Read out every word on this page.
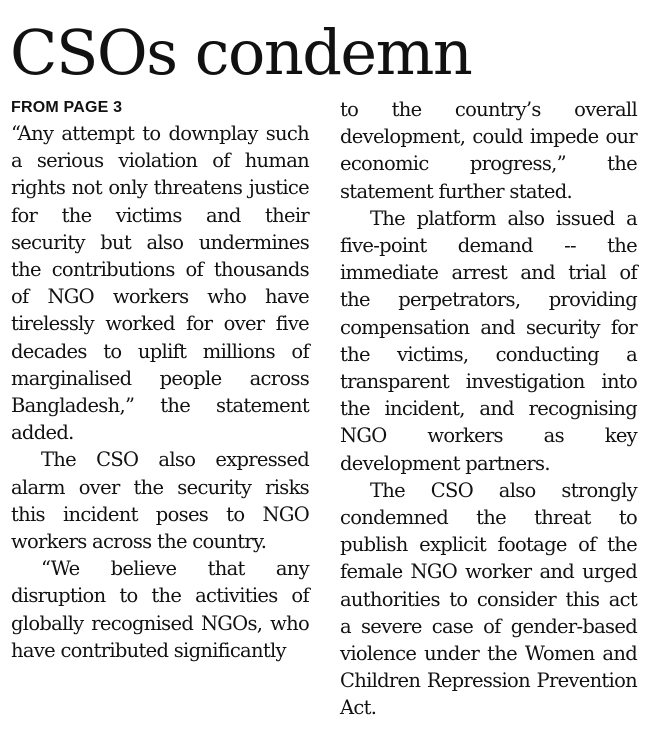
CSOs condemn
FROM PAGE 3

“Any attempt to downplay such a serious violation of human rights not only threatens justice for the victims and their security but also undermines the contributions of thousands of NGO workers who have tirelessly worked for over five decades to uplift millions of marginalised people across Bangladesh,” the statement added.

The CSO also expressed alarm over the security risks this incident poses to NGO workers across the country.

“We believe that any disruption to the activities of globally recognised NGOs, who have contributed significantly

to the country’s overall development, could impede our economic progress,” the statement further stated.

The platform also issued a five-point demand -- the immediate arrest and trial of the perpetrators, providing compensation and security for the victims, conducting a transparent investigation into the incident, and recognising NGO workers as key development partners.

The CSO also strongly condemned the threat to publish explicit footage of the female NGO worker and urged authorities to consider this act a severe case of gender-based violence under the Women and Children Repression Prevention Act.
